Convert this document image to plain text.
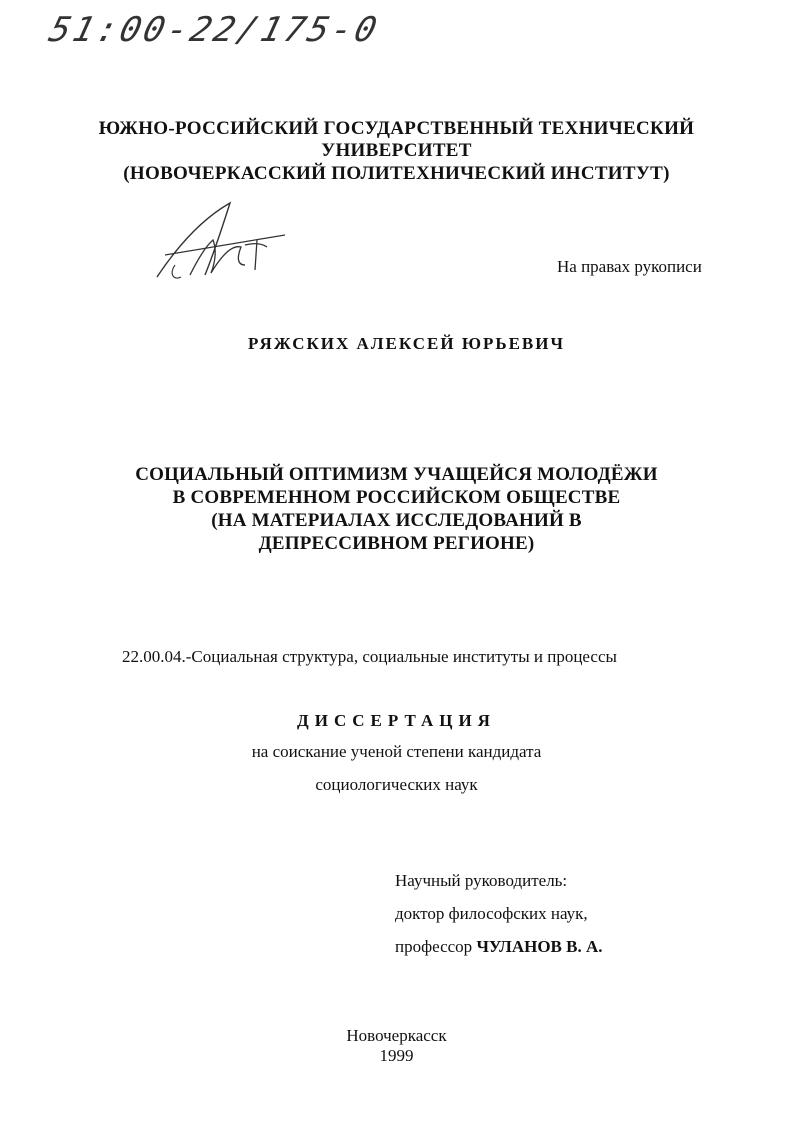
51:00-22/175-0
ЮЖНО-РОССИЙСКИЙ ГОСУДАРСТВЕННЫЙ ТЕХНИЧЕСКИЙ
УНИВЕРСИТЕТ
(НОВОЧЕРКАССКИЙ ПОЛИТЕХНИЧЕСКИЙ ИНСТИТУТ)
На правах рукописи
РЯЖСКИХ АЛЕКСЕЙ ЮРЬЕВИЧ
СОЦИАЛЬНЫЙ ОПТИМИЗМ УЧАЩЕЙСЯ МОЛОДЁЖИ
В СОВРЕМЕННОМ РОССИЙСКОМ ОБЩЕСТВЕ
(НА МАТЕРИАЛАХ ИССЛЕДОВАНИЙ В
ДЕПРЕССИВНОМ РЕГИОНЕ)
22.00.04.-Социальная структура, социальные институты и процессы
ДИССЕРТАЦИЯ
на соискание ученой степени кандидата
социологических наук
Научный руководитель:
доктор философских наук,
профессор ЧУЛАНОВ В. А.
Новочеркасск
1999
